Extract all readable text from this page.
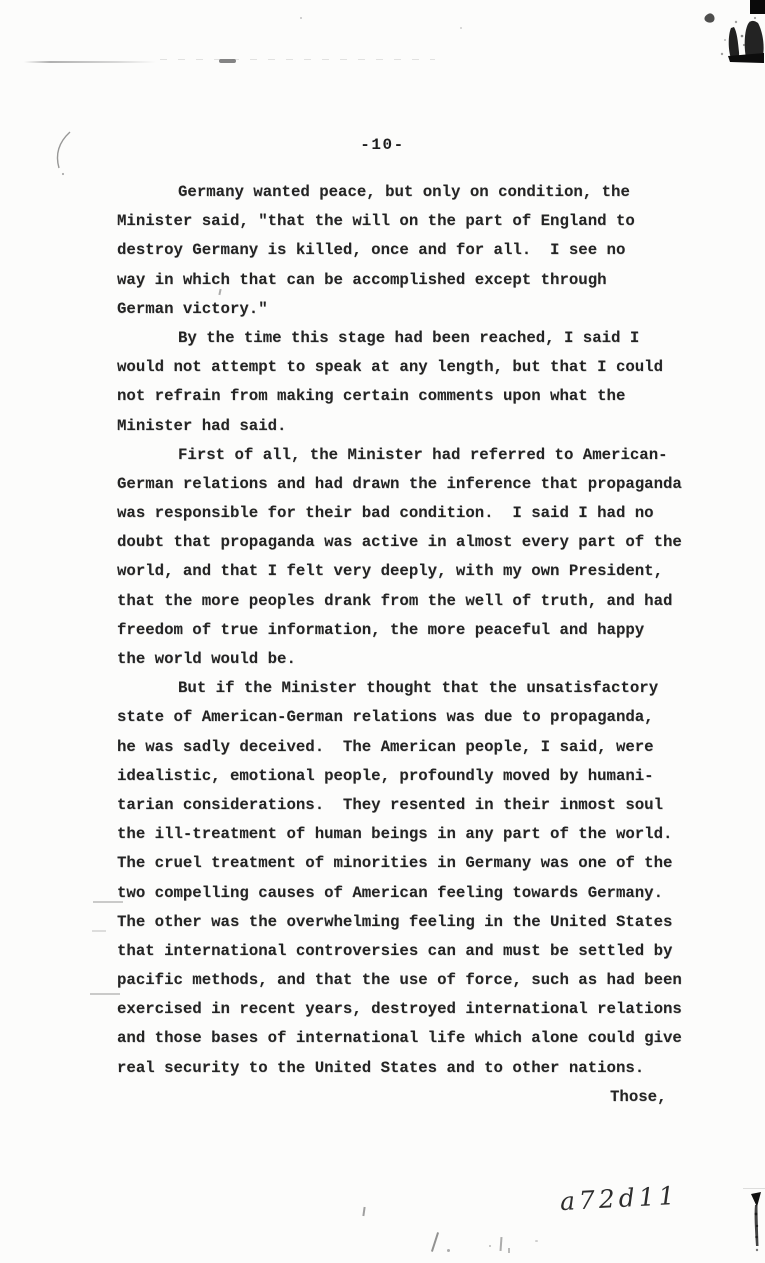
-10-
Germany wanted peace, but only on condition, the
Minister said, "that the will on the part of England to
destroy Germany is killed, once and for all.  I see no
way in which that can be accomplished except through
German victory."
By the time this stage had been reached, I said I
would not attempt to speak at any length, but that I could
not refrain from making certain comments upon what the
Minister had said.
First of all, the Minister had referred to American-
German relations and had drawn the inference that propaganda
was responsible for their bad condition.  I said I had no
doubt that propaganda was active in almost every part of the
world, and that I felt very deeply, with my own President,
that the more peoples drank from the well of truth, and had
freedom of true information, the more peaceful and happy
the world would be.
But if the Minister thought that the unsatisfactory
state of American-German relations was due to propaganda,
he was sadly deceived.  The American people, I said, were
idealistic, emotional people, profoundly moved by humani-
tarian considerations.  They resented in their inmost soul
the ill-treatment of human beings in any part of the world.
The cruel treatment of minorities in Germany was one of the
two compelling causes of American feeling towards Germany.
The other was the overwhelming feeling in the United States
that international controversies can and must be settled by
pacific methods, and that the use of force, such as had been
exercised in recent years, destroyed international relations
and those bases of international life which alone could give
real security to the United States and to other nations.
Those,
a72d11
